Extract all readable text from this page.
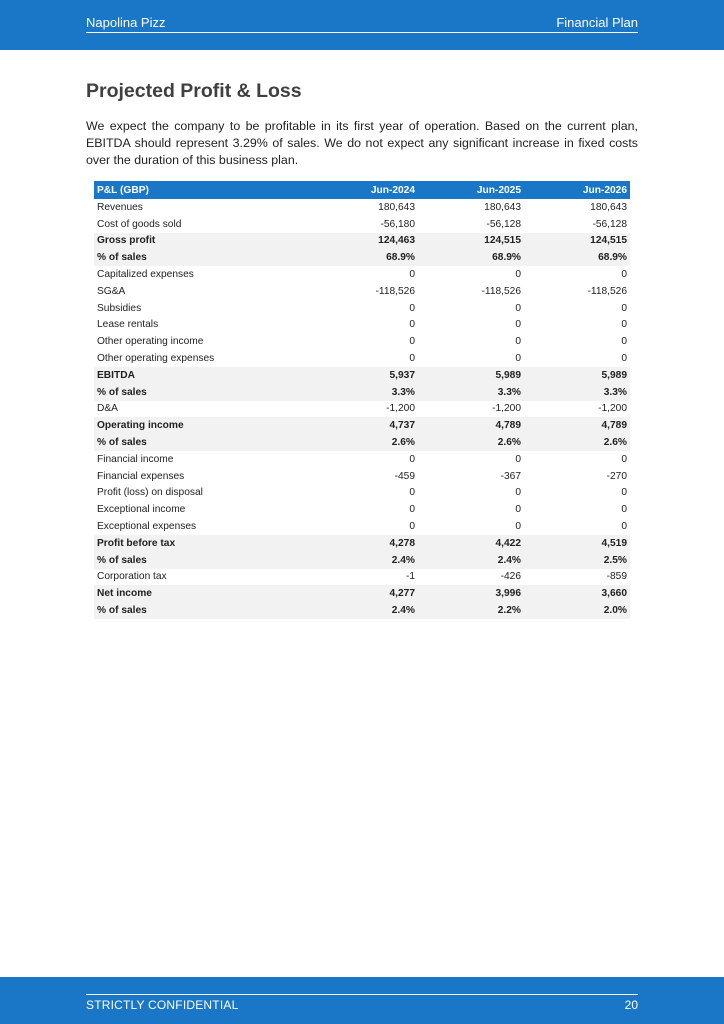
Napolina Pizz	Financial Plan
Projected Profit & Loss

We expect the company to be profitable in its first year of operation. Based on the current plan, EBITDA should represent 3.29% of sales. We do not expect any significant increase in fixed costs over the duration of this business plan.

P&L (GBP)	Jun-2024	Jun-2025	Jun-2026
Revenues	180,643	180,643	180,643
Cost of goods sold	-56,180	-56,128	-56,128
Gross profit	124,463	124,515	124,515
% of sales	68.9%	68.9%	68.9%
Capitalized expenses	0	0	0
SG&A	-118,526	-118,526	-118,526
Subsidies	0	0	0
Lease rentals	0	0	0
Other operating income	0	0	0
Other operating expenses	0	0	0
EBITDA	5,937	5,989	5,989
% of sales	3.3%	3.3%	3.3%
D&A	-1,200	-1,200	-1,200
Operating income	4,737	4,789	4,789
% of sales	2.6%	2.6%	2.6%
Financial income	0	0	0
Financial expenses	-459	-367	-270
Profit (loss) on disposal	0	0	0
Exceptional income	0	0	0
Exceptional expenses	0	0	0
Profit before tax	4,278	4,422	4,519
% of sales	2.4%	2.4%	2.5%
Corporation tax	-1	-426	-859
Net income	4,277	3,996	3,660
% of sales	2.4%	2.2%	2.0%
STRICTLY CONFIDENTIAL	20
